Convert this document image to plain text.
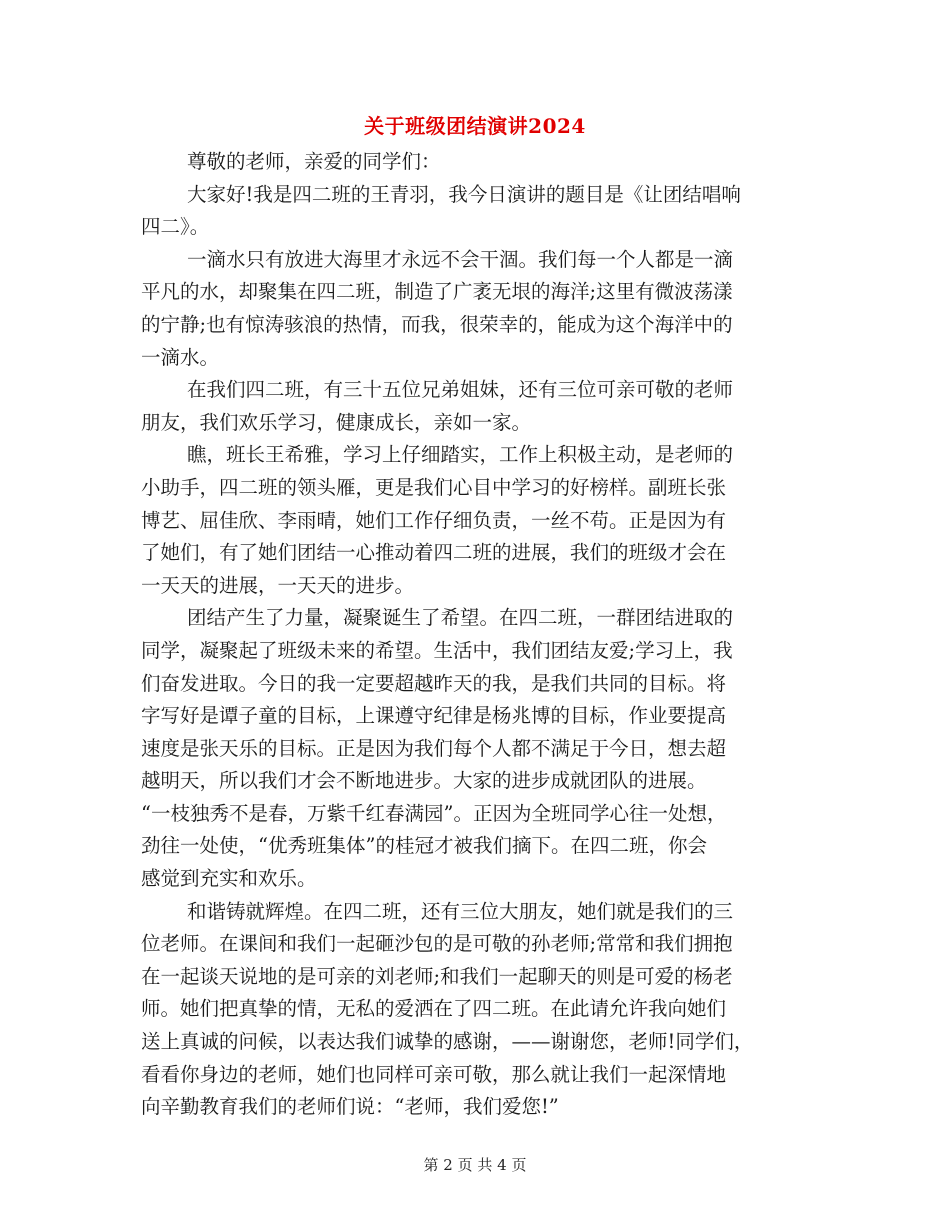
关于班级团结演讲2024
尊敬的老师，亲爱的同学们：
大家好!我是四二班的王青羽，我今日演讲的题目是《让团结唱响
四二》。
一滴水只有放进大海里才永远不会干涸。我们每一个人都是一滴
平凡的水，却聚集在四二班，制造了广袤无垠的海洋;这里有微波荡漾
的宁静;也有惊涛骇浪的热情，而我，很荣幸的，能成为这个海洋中的
一滴水。
在我们四二班，有三十五位兄弟姐妹，还有三位可亲可敬的老师
朋友，我们欢乐学习，健康成长，亲如一家。
瞧，班长王希雅，学习上仔细踏实，工作上积极主动，是老师的
小助手，四二班的领头雁，更是我们心目中学习的好榜样。副班长张
博艺、屈佳欣、李雨晴，她们工作仔细负责，一丝不苟。正是因为有
了她们，有了她们团结一心推动着四二班的进展，我们的班级才会在
一天天的进展，一天天的进步。
团结产生了力量，凝聚诞生了希望。在四二班，一群团结进取的
同学，凝聚起了班级未来的希望。生活中，我们团结友爱;学习上，我
们奋发进取。今日的我一定要超越昨天的我，是我们共同的目标。将
字写好是谭子童的目标，上课遵守纪律是杨兆博的目标，作业要提高
速度是张天乐的目标。正是因为我们每个人都不满足于今日，想去超
越明天，所以我们才会不断地进步。大家的进步成就团队的进展。
“一枝独秀不是春，万紫千红春满园”。正因为全班同学心往一处想，
劲往一处使，“优秀班集体”的桂冠才被我们摘下。在四二班，你会
感觉到充实和欢乐。
和谐铸就辉煌。在四二班，还有三位大朋友，她们就是我们的三
位老师。在课间和我们一起砸沙包的是可敬的孙老师;常常和我们拥抱
在一起谈天说地的是可亲的刘老师;和我们一起聊天的则是可爱的杨老
师。她们把真挚的情，无私的爱洒在了四二班。在此请允许我向她们
送上真诚的问候，以表达我们诚挚的感谢，——谢谢您，老师!同学们，
看看你身边的老师，她们也同样可亲可敬，那么就让我们一起深情地
向辛勤教育我们的老师们说：“老师，我们爱您!”
第 2 页 共 4 页
